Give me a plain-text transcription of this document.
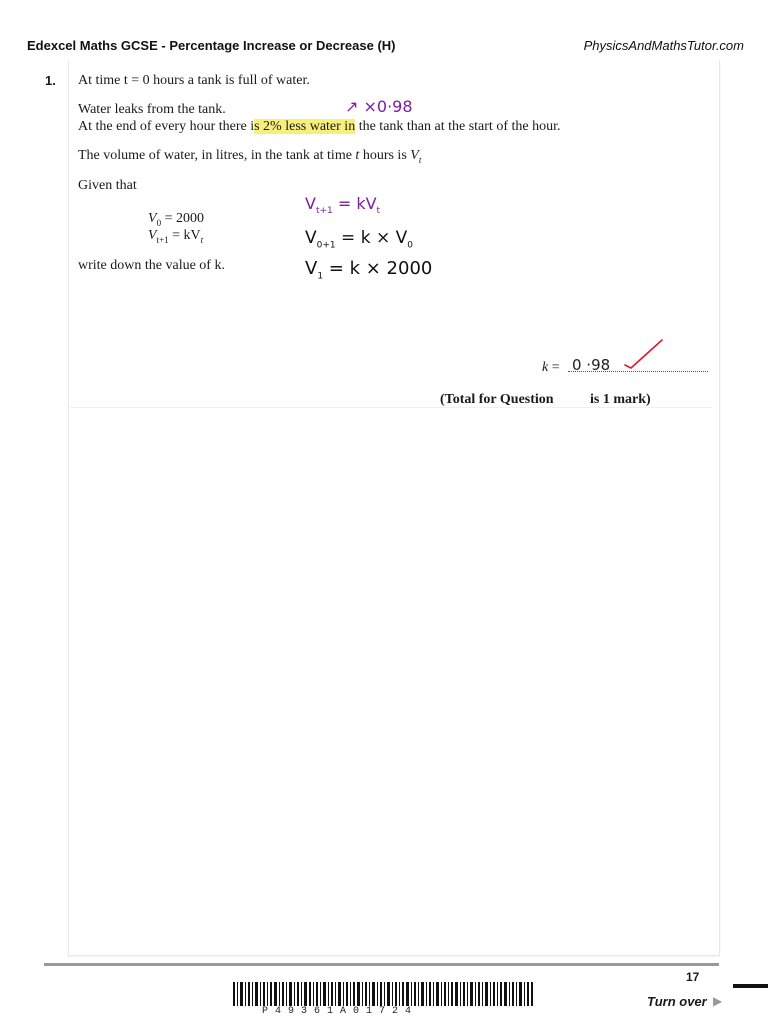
Edexcel Maths GCSE - Percentage Increase or Decrease (H)	PhysicsAndMathsTutor.com
1. At time t = 0 hours a tank is full of water.
Water leaks from the tank.
At the end of every hour there is 2% less water in the tank than at the start of the hour.
The volume of water, in litres, in the tank at time t hours is $V_t$
Given that
$V_0 = 2000$
$V_{t+1} = kV_t$
write down the value of k.
↗ ×0·98
$V_{t+1} = kV_t$
$V_{0+1} = k \times V_0$
$V_1 = k \times 2000$
k = 0 ·98
(Total for Question	is 1 mark)
17
Turn over ▶
P49361A01724
